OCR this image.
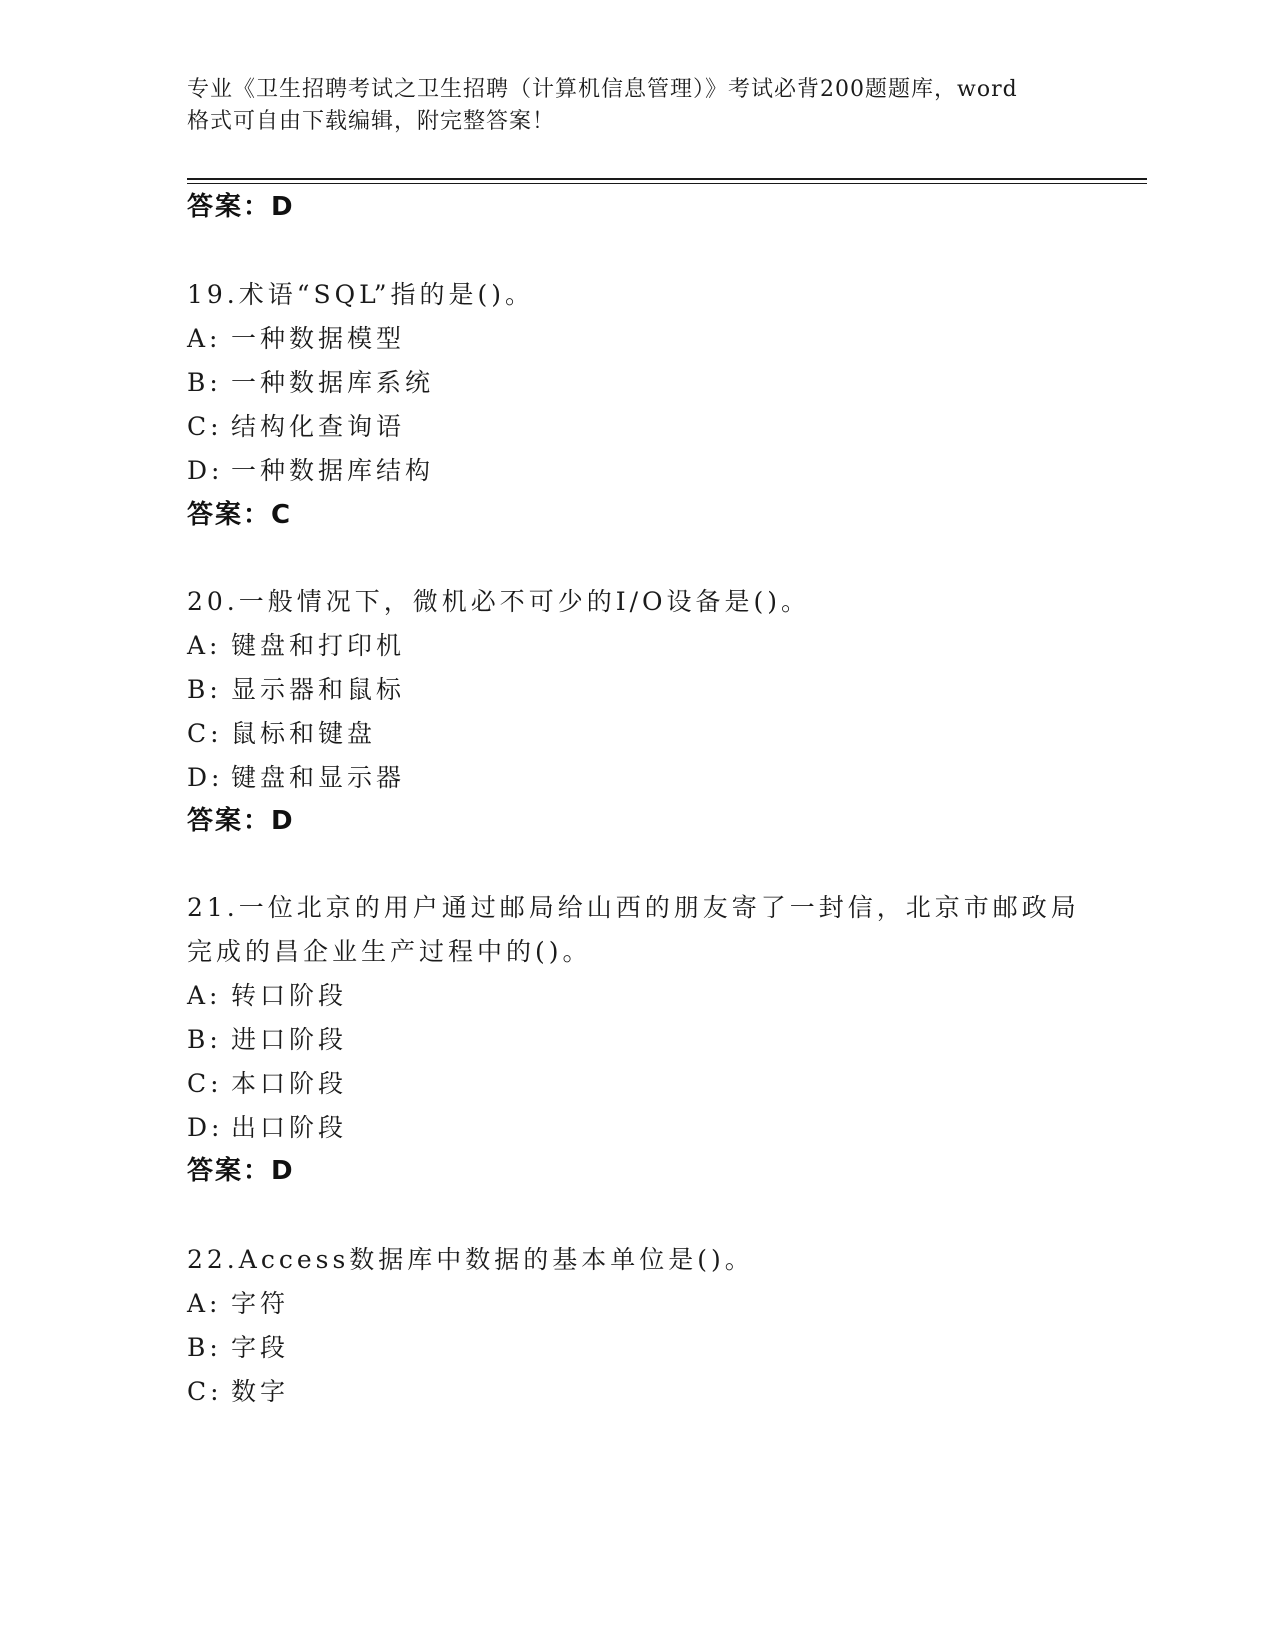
专业《卫生招聘考试之卫生招聘（计算机信息管理）》考试必背200题题库，word
格式可自由下载编辑，附完整答案！
答案：D
19.术语“SQL”指的是()。
A: 一种数据模型
B: 一种数据库系统
C: 结构化查询语
D: 一种数据库结构
答案：C
20.一般情况下，微机必不可少的I/O设备是()。
A: 键盘和打印机
B: 显示器和鼠标
C: 鼠标和键盘
D: 键盘和显示器
答案：D
21.一位北京的用户通过邮局给山西的朋友寄了一封信，北京市邮政局
完成的昌企业生产过程中的()。
A: 转口阶段
B: 进口阶段
C: 本口阶段
D: 出口阶段
答案：D
22.Access数据库中数据的基本单位是()。
A: 字符
B: 字段
C: 数字
